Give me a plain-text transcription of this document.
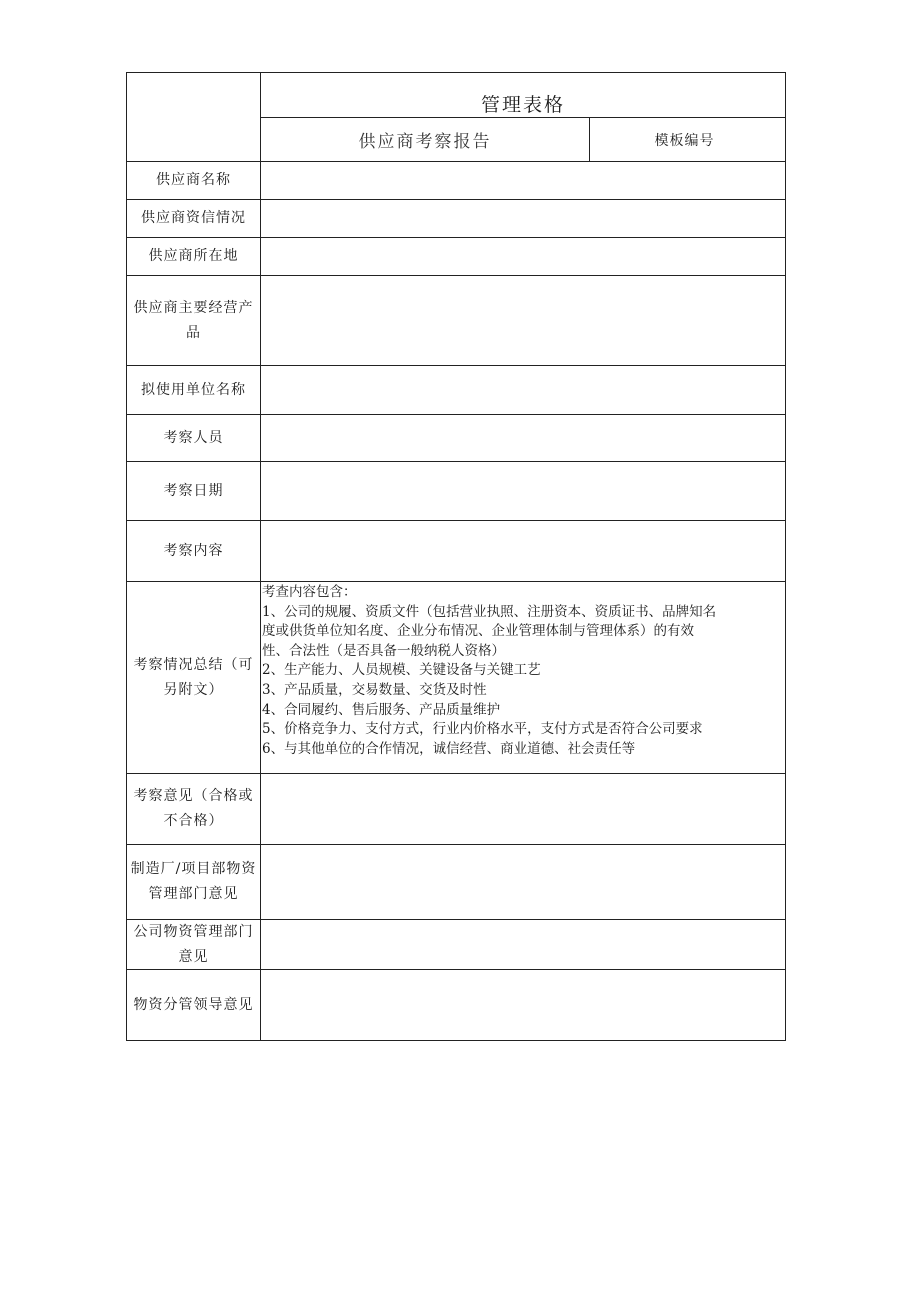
管理表格
供应商考察报告	模板编号
供应商名称
供应商资信情况
供应商所在地
供应商主要经营产
品
拟使用单位名称
考察人员
考察日期
考察内容
考察情况总结（可
另附文）
考察意见（合格或
不合格）
制造厂/项目部物资
管理部门意见
公司物资管理部门
意见
物资分管领导意见
考查内容包含：
1、公司的规履、资质文件（包括营业执照、注册资本、资质证书、品牌知名
度或供货单位知名度、企业分布情况、企业管理体制与管理体系）的有效
性、合法性（是否具备一般纳税人资格）
2、生产能力、人员规模、关键设备与关键工艺
3、产品质量，交易数量、交货及时性
4、合同履约、售后服务、产品质量维护
5、价格竞争力、支付方式，行业内价格水平，支付方式是否符合公司要求
6、与其他单位的合作情况，诚信经营、商业道德、社会责任等
